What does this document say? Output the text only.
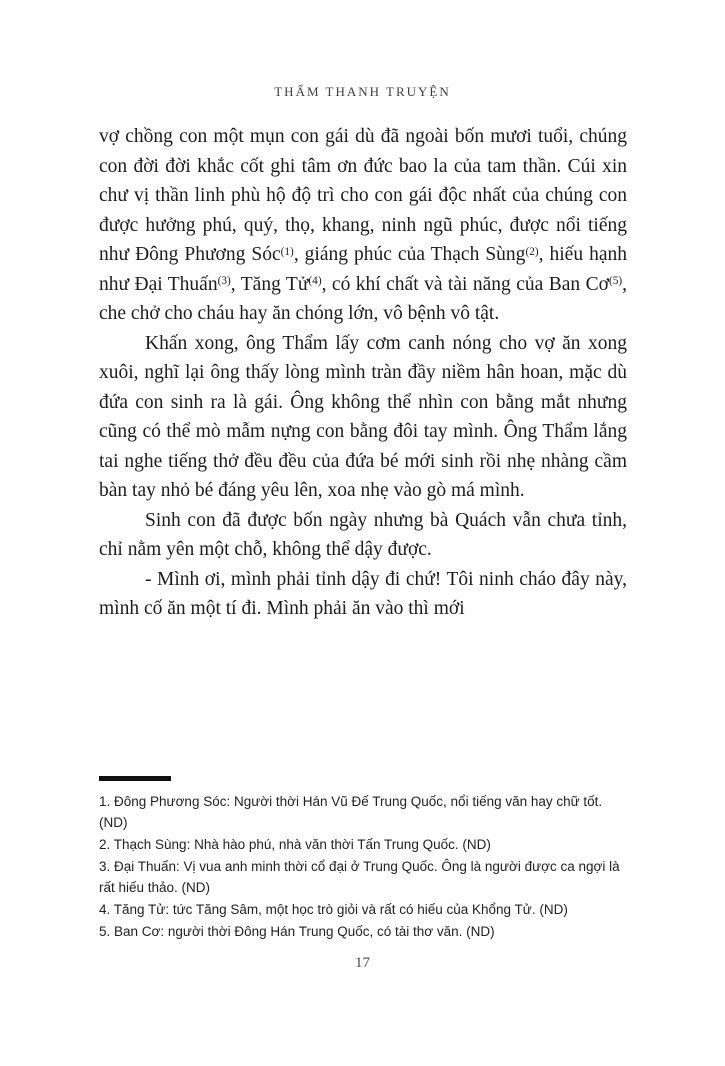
THẨM THANH TRUYỆN

vợ chồng con một mụn con gái dù đã ngoài bốn mươi tuổi, chúng con đời đời khắc cốt ghi tâm ơn đức bao la của tam thần. Cúi xin chư vị thần linh phù hộ độ trì cho con gái độc nhất của chúng con được hưởng phú, quý, thọ, khang, ninh ngũ phúc, được nổi tiếng như Đông Phương Sóc$^{(1)}$, giáng phúc của Thạch Sùng$^{(2)}$, hiếu hạnh như Đại Thuấn$^{(3)}$, Tăng Tử$^{(4)}$, có khí chất và tài năng của Ban $Cơ^{(5)}$, che chở cho cháu hay ăn chóng lớn, vô bệnh vô tật.

Khấn xong, ông Thẩm lấy cơm canh nóng cho vợ ăn xong xuôi, nghĩ lại ông thấy lòng mình tràn đầy niềm hân hoan, mặc dù đứa con sinh ra là gái. Ông không thể nhìn con bằng mắt nhưng cũng có thể mò mẫm nựng con bằng đôi tay mình. Ông Thẩm lắng tai nghe tiếng thở đều đều của đứa bé mới sinh rồi nhẹ nhàng cầm bàn tay nhỏ bé đáng yêu lên, xoa nhẹ vào gò má mình.

Sinh con đã được bốn ngày nhưng bà Quách vẫn chưa tỉnh, chỉ nằm yên một chỗ, không thể dậy được.

- Mình ơi, mình phải tỉnh dậy đi chứ! Tôi ninh cháo đây này, mình cố ăn một tí đi. Mình phải ăn vào thì mới

1. Đông Phương Sóc: Người thời Hán Vũ Đế Trung Quốc, nổi tiếng văn hay chữ tốt. (ND)
2. Thạch Sùng: Nhà hào phú, nhà văn thời Tấn Trung Quốc. (ND)
3. Đại Thuấn: Vị vua anh minh thời cổ đại ở Trung Quốc. Ông là người được ca ngợi là rất hiếu thảo. (ND)
4. Tăng Tử: tức Tăng Sâm, một học trò giỏi và rất có hiếu của Khổng Tử. (ND)
5. Ban Cơ: người thời Đông Hán Trung Quốc, có tài thơ văn. (ND)
17
